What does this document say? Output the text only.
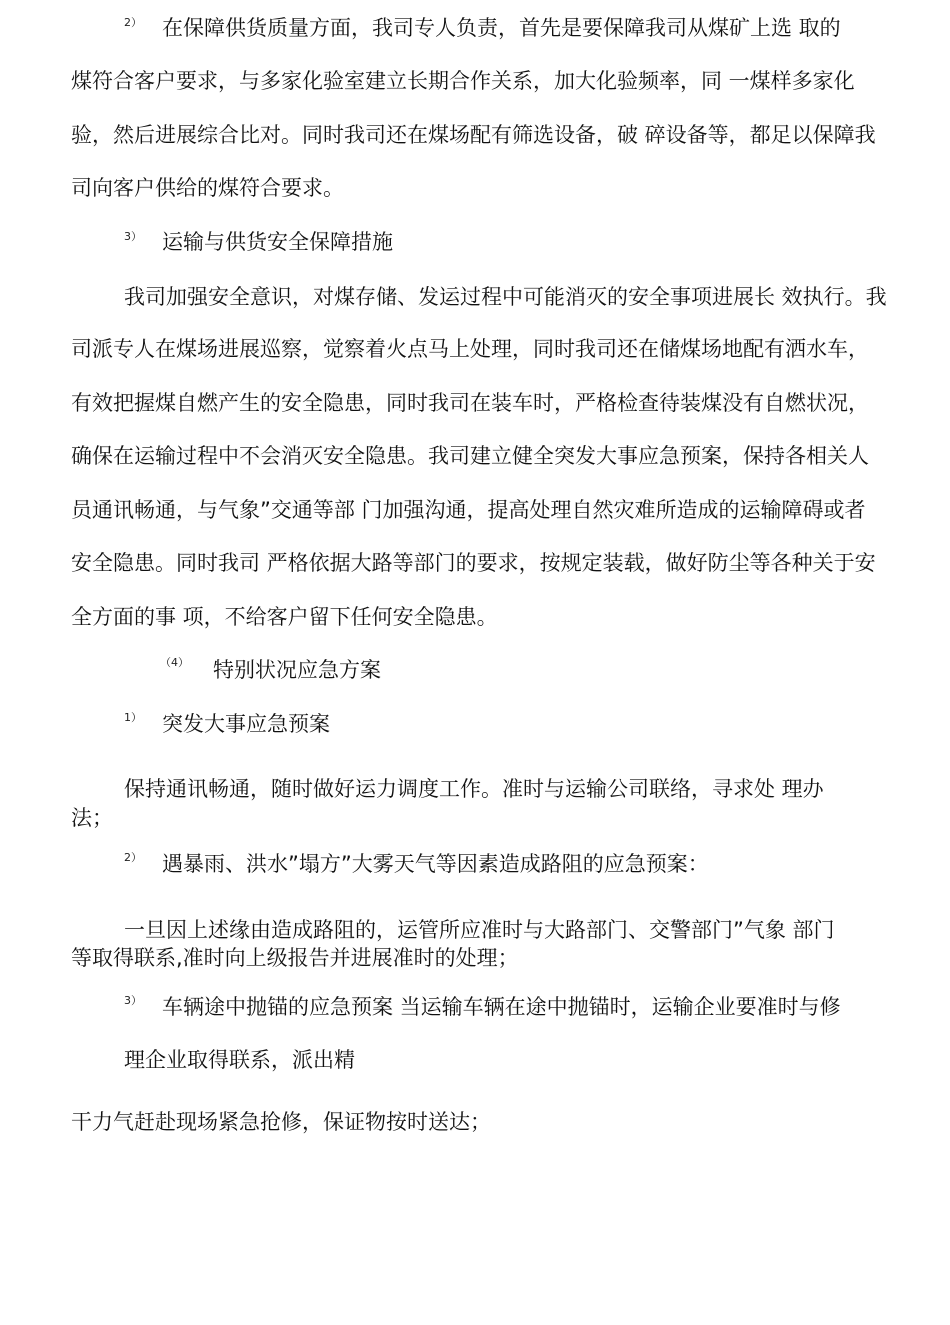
2） 在保障供货质量方面，我司专人负责，首先是要保障我司从煤矿上选 取的
煤符合客户要求，与多家化验室建立长期合作关系，加大化验频率，同 一煤样多家化验，然后进展综合比对。同时我司还在煤场配有筛选设备，破 碎设备等，都足以保障我司向客户供给的煤符合要求。
3） 运输与供货安全保障措施
我司加强安全意识，对煤存储、发运过程中可能消灭的安全事项进展长 效执行。我
司派专人在煤场进展巡察，觉察着火点马上处理，同时我司还在储煤场地配有洒水车，有效把握煤自燃产生的安全隐患，同时我司在装车时，严格检查待装煤没有自燃状况，确保在运输过程中不会消灭安全隐患。我司建立健全突发大事应急预案，保持各相关人员通讯畅通，与气象”交通等部 门加强沟通，提高处理自然灾难所造成的运输障碍或者安全隐患。同时我司 严格依据大路等部门的要求，按规定装载，做好防尘等各种关于安全方面的事 项，不给客户留下任何安全隐患。
（4） 特别状况应急方案
1） 突发大事应急预案
保持通讯畅通，随时做好运力调度工作。准时与运输公司联络，寻求处 理办
法；
2） 遇暴雨、洪水”塌方”大雾天气等因素造成路阻的应急预案：
一旦因上述缘由造成路阻的，运管所应准时与大路部门、交警部门”气象 部门
等取得联系,准时向上级报告并进展准时的处理；
3） 车辆途中抛锚的应急预案 当运输车辆在途中抛锚时，运输企业要准时与修
理企业取得联系，派出精
干力气赶赴现场紧急抢修，保证物按时送达；
